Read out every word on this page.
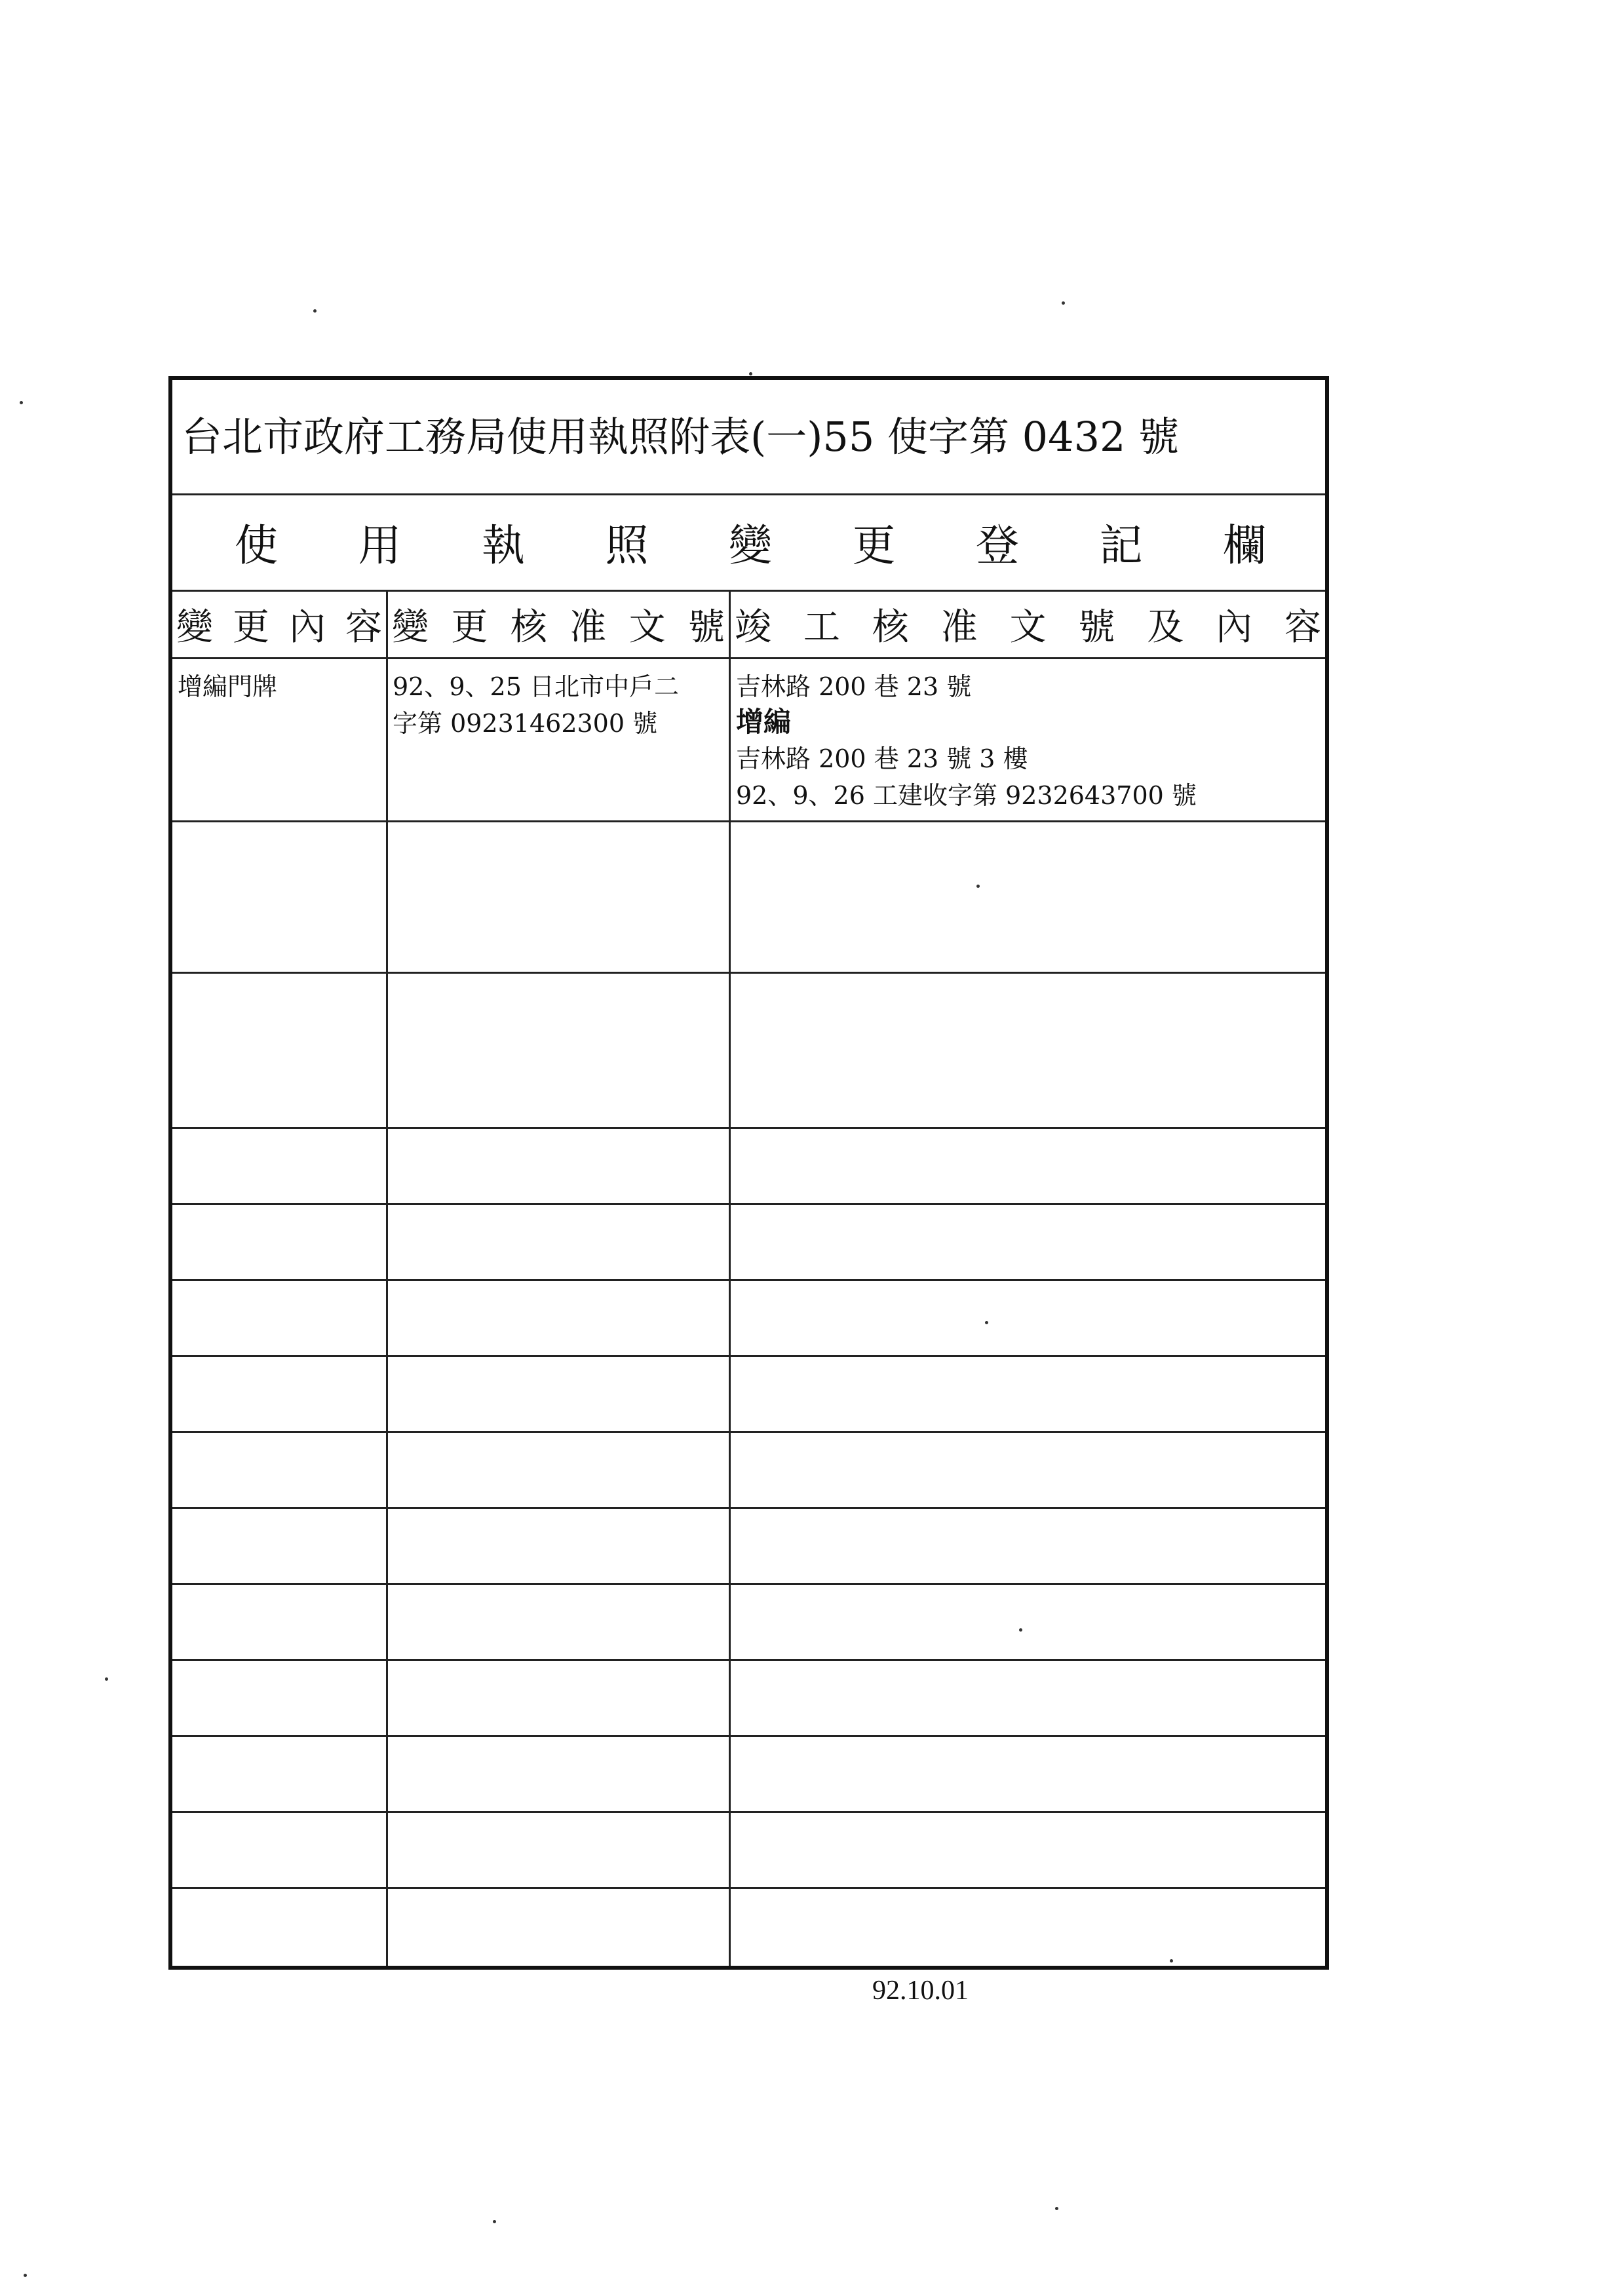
台北市政府工務局使用執照附表(一)55 使字第 0432 號
使 用 執 照 變 更 登 記 欄
變 更 內 容 變 更 核 准 文 號 竣 工 核 准 文 號 及 內 容
增編門牌	92、9、25 日北市中戶二
字第 09231462300 號
吉林路 200 巷 23 號
增編
吉林路 200 巷 23 號 3 樓
92、9、26 工建收字第 9232643700 號
92.10.01
